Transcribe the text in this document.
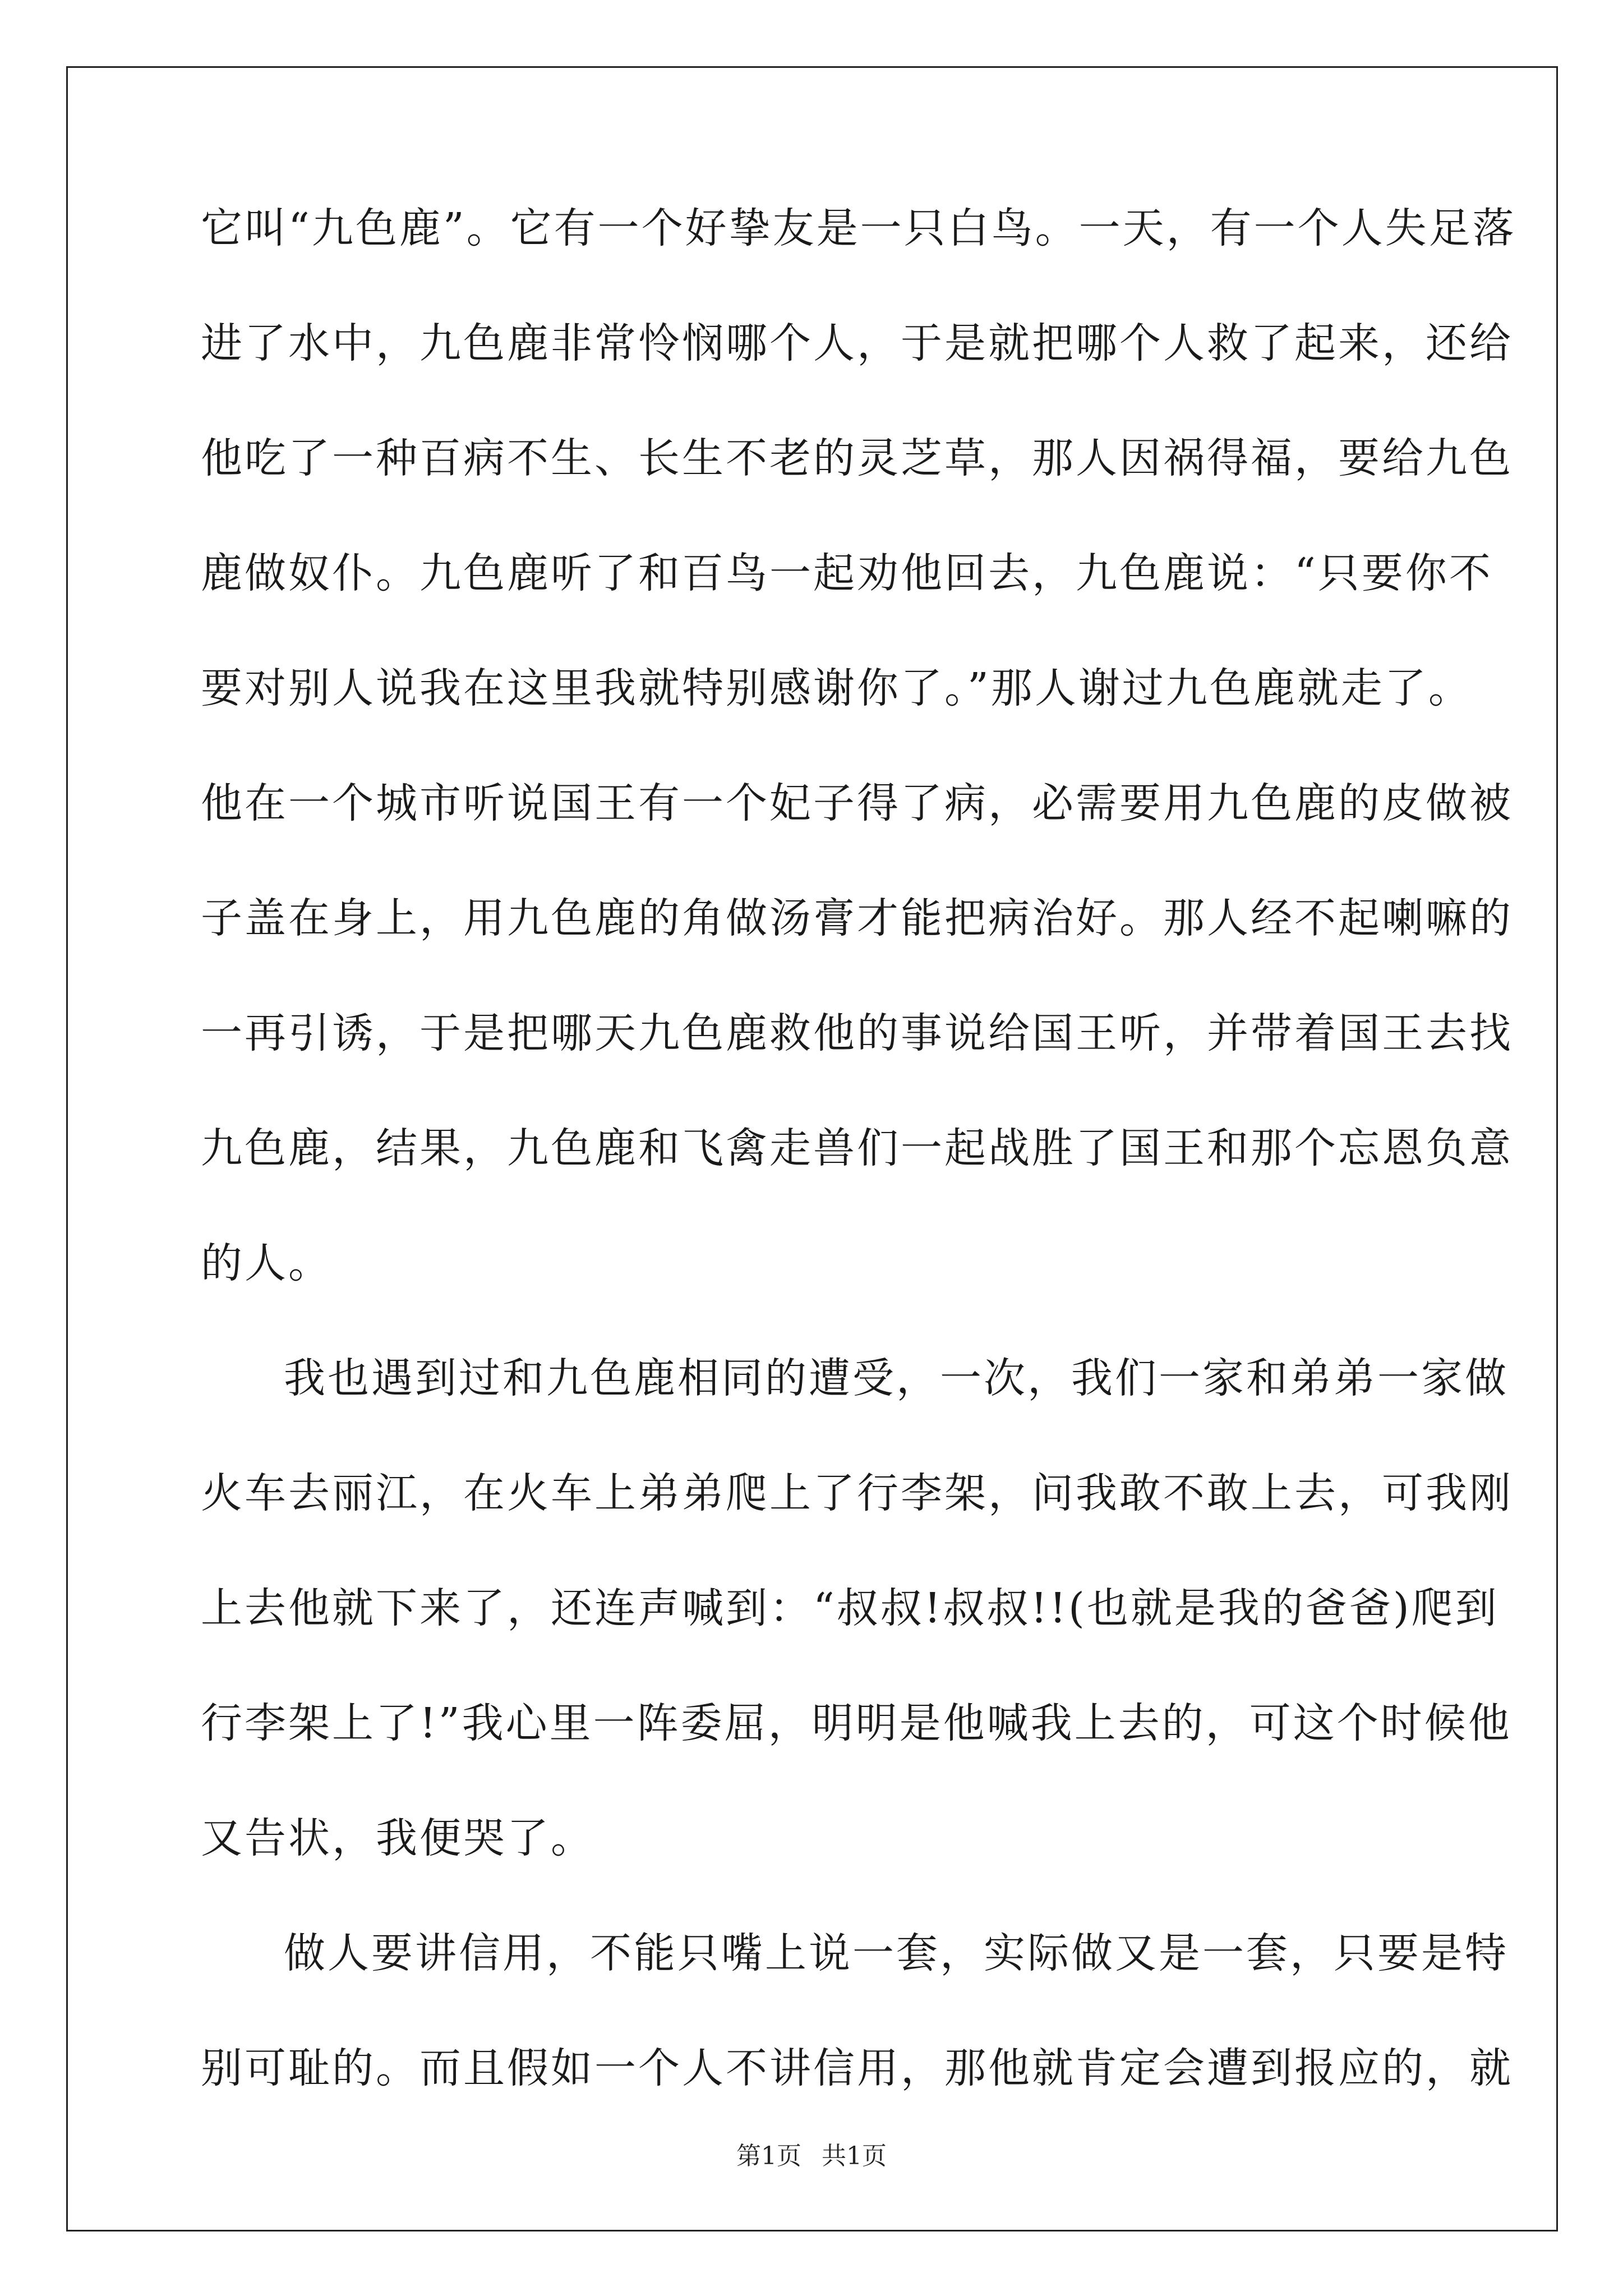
它叫“九色鹿”。它有一个好挚友是一只白鸟。一天，有一个人失足落
进了水中，九色鹿非常怜悯哪个人，于是就把哪个人救了起来，还给
他吃了一种百病不生、长生不老的灵芝草，那人因祸得福，要给九色
鹿做奴仆。九色鹿听了和百鸟一起劝他回去，九色鹿说：“只要你不
要对别人说我在这里我就特别感谢你了。”那人谢过九色鹿就走了。
他在一个城市听说国王有一个妃子得了病，必需要用九色鹿的皮做被
子盖在身上，用九色鹿的角做汤膏才能把病治好。那人经不起喇嘛的
一再引诱，于是把哪天九色鹿救他的事说给国王听，并带着国王去找
九色鹿，结果，九色鹿和飞禽走兽们一起战胜了国王和那个忘恩负意
的人。
我也遇到过和九色鹿相同的遭受，一次，我们一家和弟弟一家做
火车去丽江，在火车上弟弟爬上了行李架，问我敢不敢上去，可我刚
上去他就下来了，还连声喊到：“叔叔!叔叔!!(也就是我的爸爸)爬到
行李架上了!”我心里一阵委屈，明明是他喊我上去的，可这个时候他
又告状，我便哭了。
做人要讲信用，不能只嘴上说一套，实际做又是一套，只要是特
别可耻的。而且假如一个人不讲信用，那他就肯定会遭到报应的，就
第1页 共1页
